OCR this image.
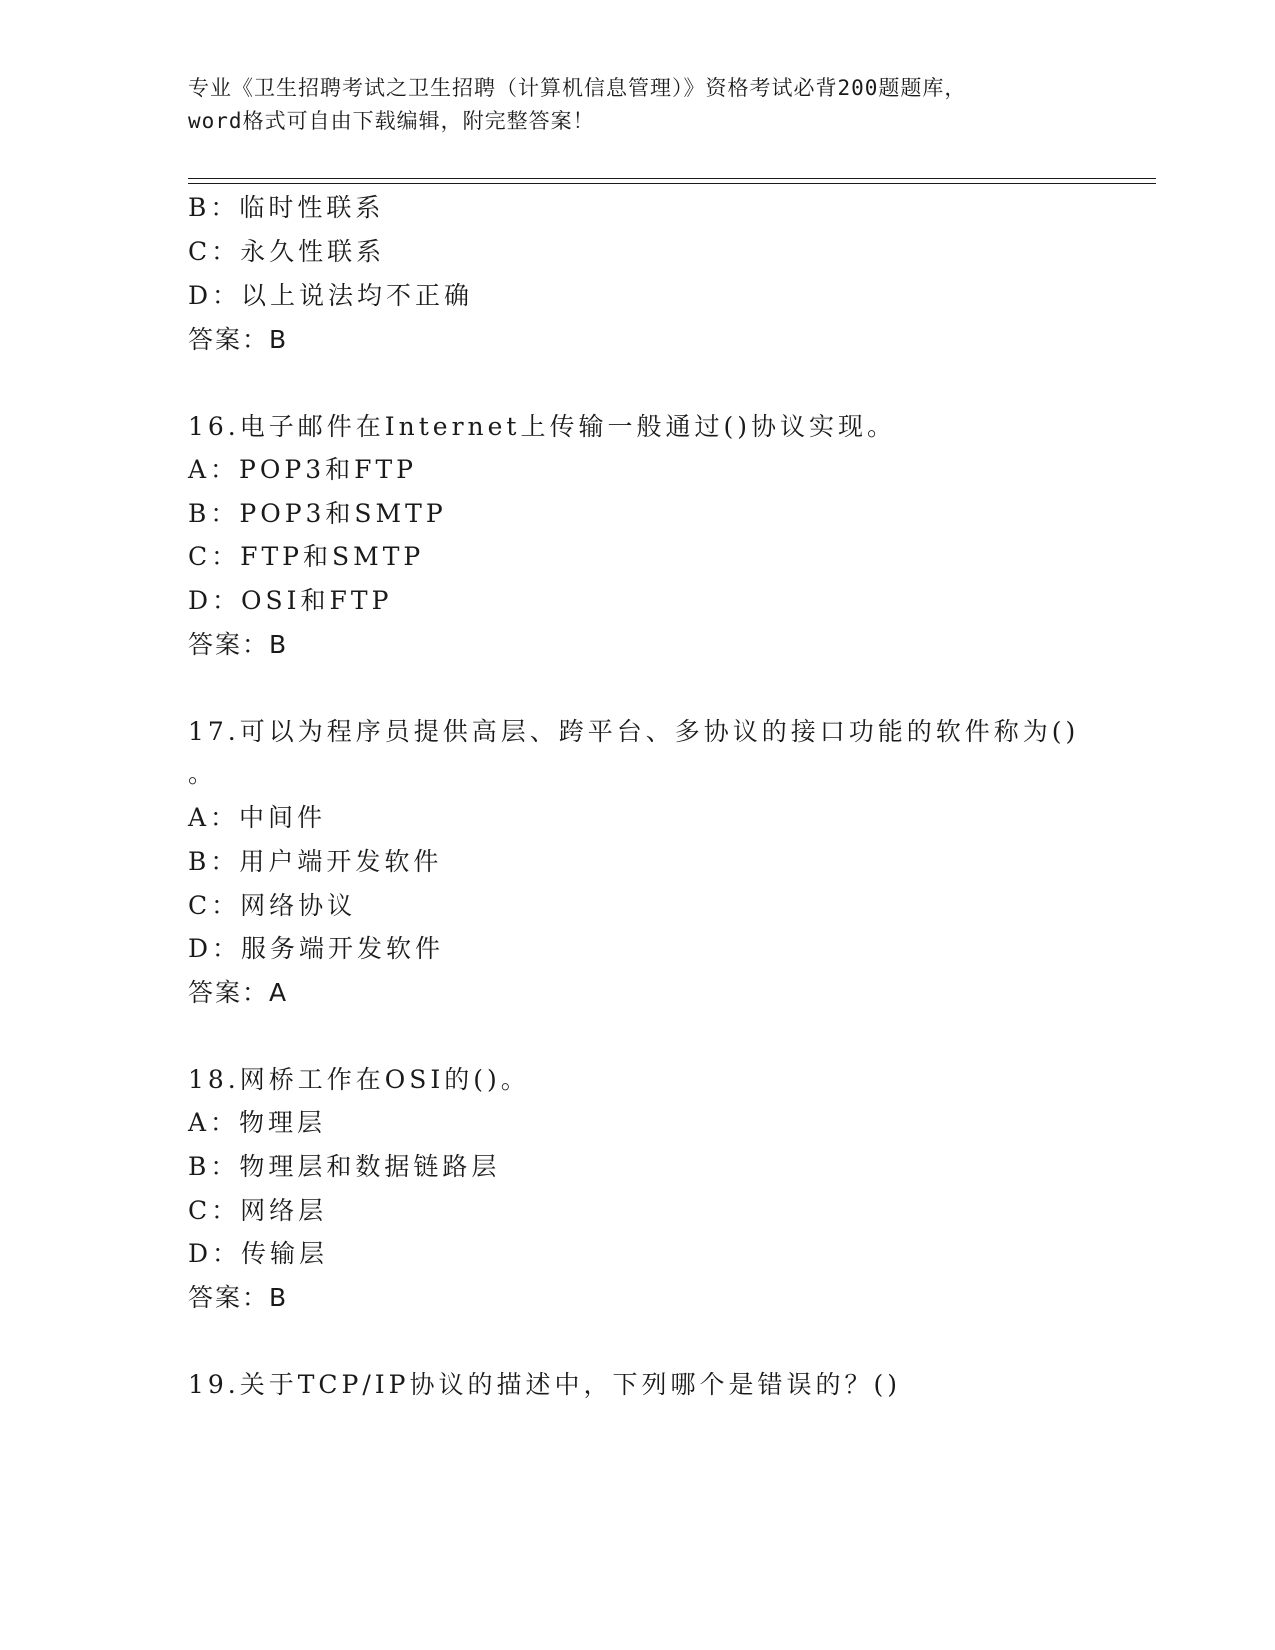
专业《卫生招聘考试之卫生招聘（计算机信息管理）》资格考试必背200题题库，
word格式可自由下载编辑，附完整答案！
B：临时性联系
C：永久性联系
D：以上说法均不正确
答案：B
16.电子邮件在Internet上传输一般通过()协议实现。
A：POP3和FTP
B：POP3和SMTP
C：FTP和SMTP
D：OSI和FTP
答案：B
17.可以为程序员提供高层、跨平台、多协议的接口功能的软件称为()
。
A：中间件
B：用户端开发软件
C：网络协议
D：服务端开发软件
答案：A
18.网桥工作在OSI的()。
A：物理层
B：物理层和数据链路层
C：网络层
D：传输层
答案：B
19.关于TCP/IP协议的描述中，下列哪个是错误的？()
